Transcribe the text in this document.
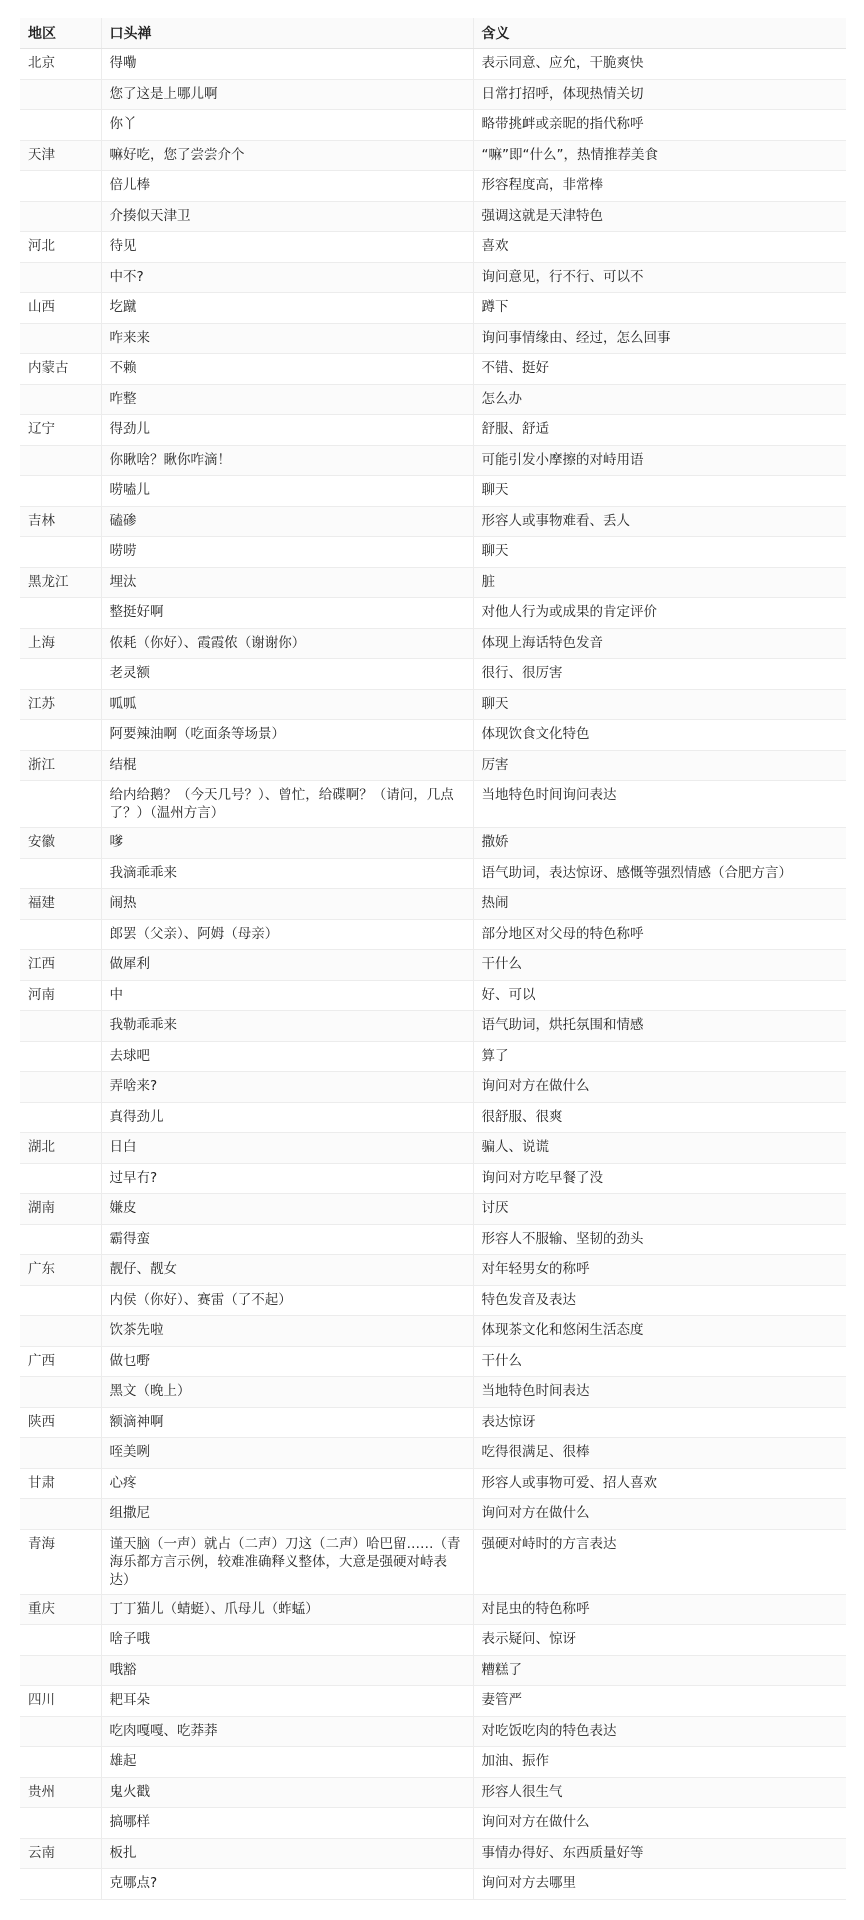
地区	口头禅	含义
北京	得嘞	表示同意、应允，干脆爽快
	您了这是上哪儿啊	日常打招呼，体现热情关切
	你丫	略带挑衅或亲昵的指代称呼
天津	嘛好吃，您了尝尝介个	“嘛”即“什么”，热情推荐美食
	倍儿棒	形容程度高，非常棒
	介揍似天津卫	强调这就是天津特色
河北	待见	喜欢
	中不?	询问意见，行不行、可以不
山西	圪蹴	蹲下
	咋来来	询问事情缘由、经过，怎么回事
内蒙古	不赖	不错、挺好
	咋整	怎么办
辽宁	得劲儿	舒服、舒适
	你瞅啥？瞅你咋滴！	可能引发小摩擦的对峙用语
	唠嗑儿	聊天
吉林	磕碜	形容人或事物难看、丢人
	唠唠	聊天
黑龙江	埋汰	脏
	整挺好啊	对他人行为或成果的肯定评价
上海	侬耗（你好）、霞霞侬（谢谢你）	体现上海话特色发音
	老灵额	很行、很厉害
江苏	呱呱	聊天
	阿要辣油啊（吃面条等场景）	体现饮食文化特色
浙江	结棍	厉害
	给内给鹅？（今天几号？）、曾忙，给碟啊？（请问，几点了？）（温州方言）	当地特色时间询问表达
安徽	嗲	撒娇
	我滴乖乖来	语气助词，表达惊讶、感慨等强烈情感（合肥方言）
福建	闹热	热闹
	郎罢（父亲）、阿姆（母亲）	部分地区对父母的特色称呼
江西	做犀利	干什么
河南	中	好、可以
	我勒乖乖来	语气助词，烘托氛围和情感
	去球吧	算了
	弄啥来?	询问对方在做什么
	真得劲儿	很舒服、很爽
湖北	日白	骗人、说谎
	过早冇?	询问对方吃早餐了没
湖南	嫌皮	讨厌
	霸得蛮	形容人不服输、坚韧的劲头
广东	靓仔、靓女	对年轻男女的称呼
	内侯（你好）、赛雷（了不起）	特色发音及表达
	饮茶先啦	体现茶文化和悠闲生活态度
广西	做乜嘢	干什么
	黑文（晚上）	当地特色时间表达
陕西	额滴神啊	表达惊讶
	咥美咧	吃得很满足、很棒
甘肃	心疼	形容人或事物可爱、招人喜欢
	组撒尼	询问对方在做什么
青海	谨天脑（一声）就占（二声）刀这（二声）哈巴留……（青海乐都方言示例，较难准确释义整体，大意是强硬对峙表达）	强硬对峙时的方言表达
重庆	丁丁猫儿（蜻蜓）、爪母儿（蚱蜢）	对昆虫的特色称呼
	啥子哦	表示疑问、惊讶
	哦豁	糟糕了
四川	耙耳朵	妻管严
	吃肉嘎嘎、吃莽莽	对吃饭吃肉的特色表达
	雄起	加油、振作
贵州	鬼火戳	形容人很生气
	搞哪样	询问对方在做什么
云南	板扎	事情办得好、东西质量好等
	克哪点?	询问对方去哪里
